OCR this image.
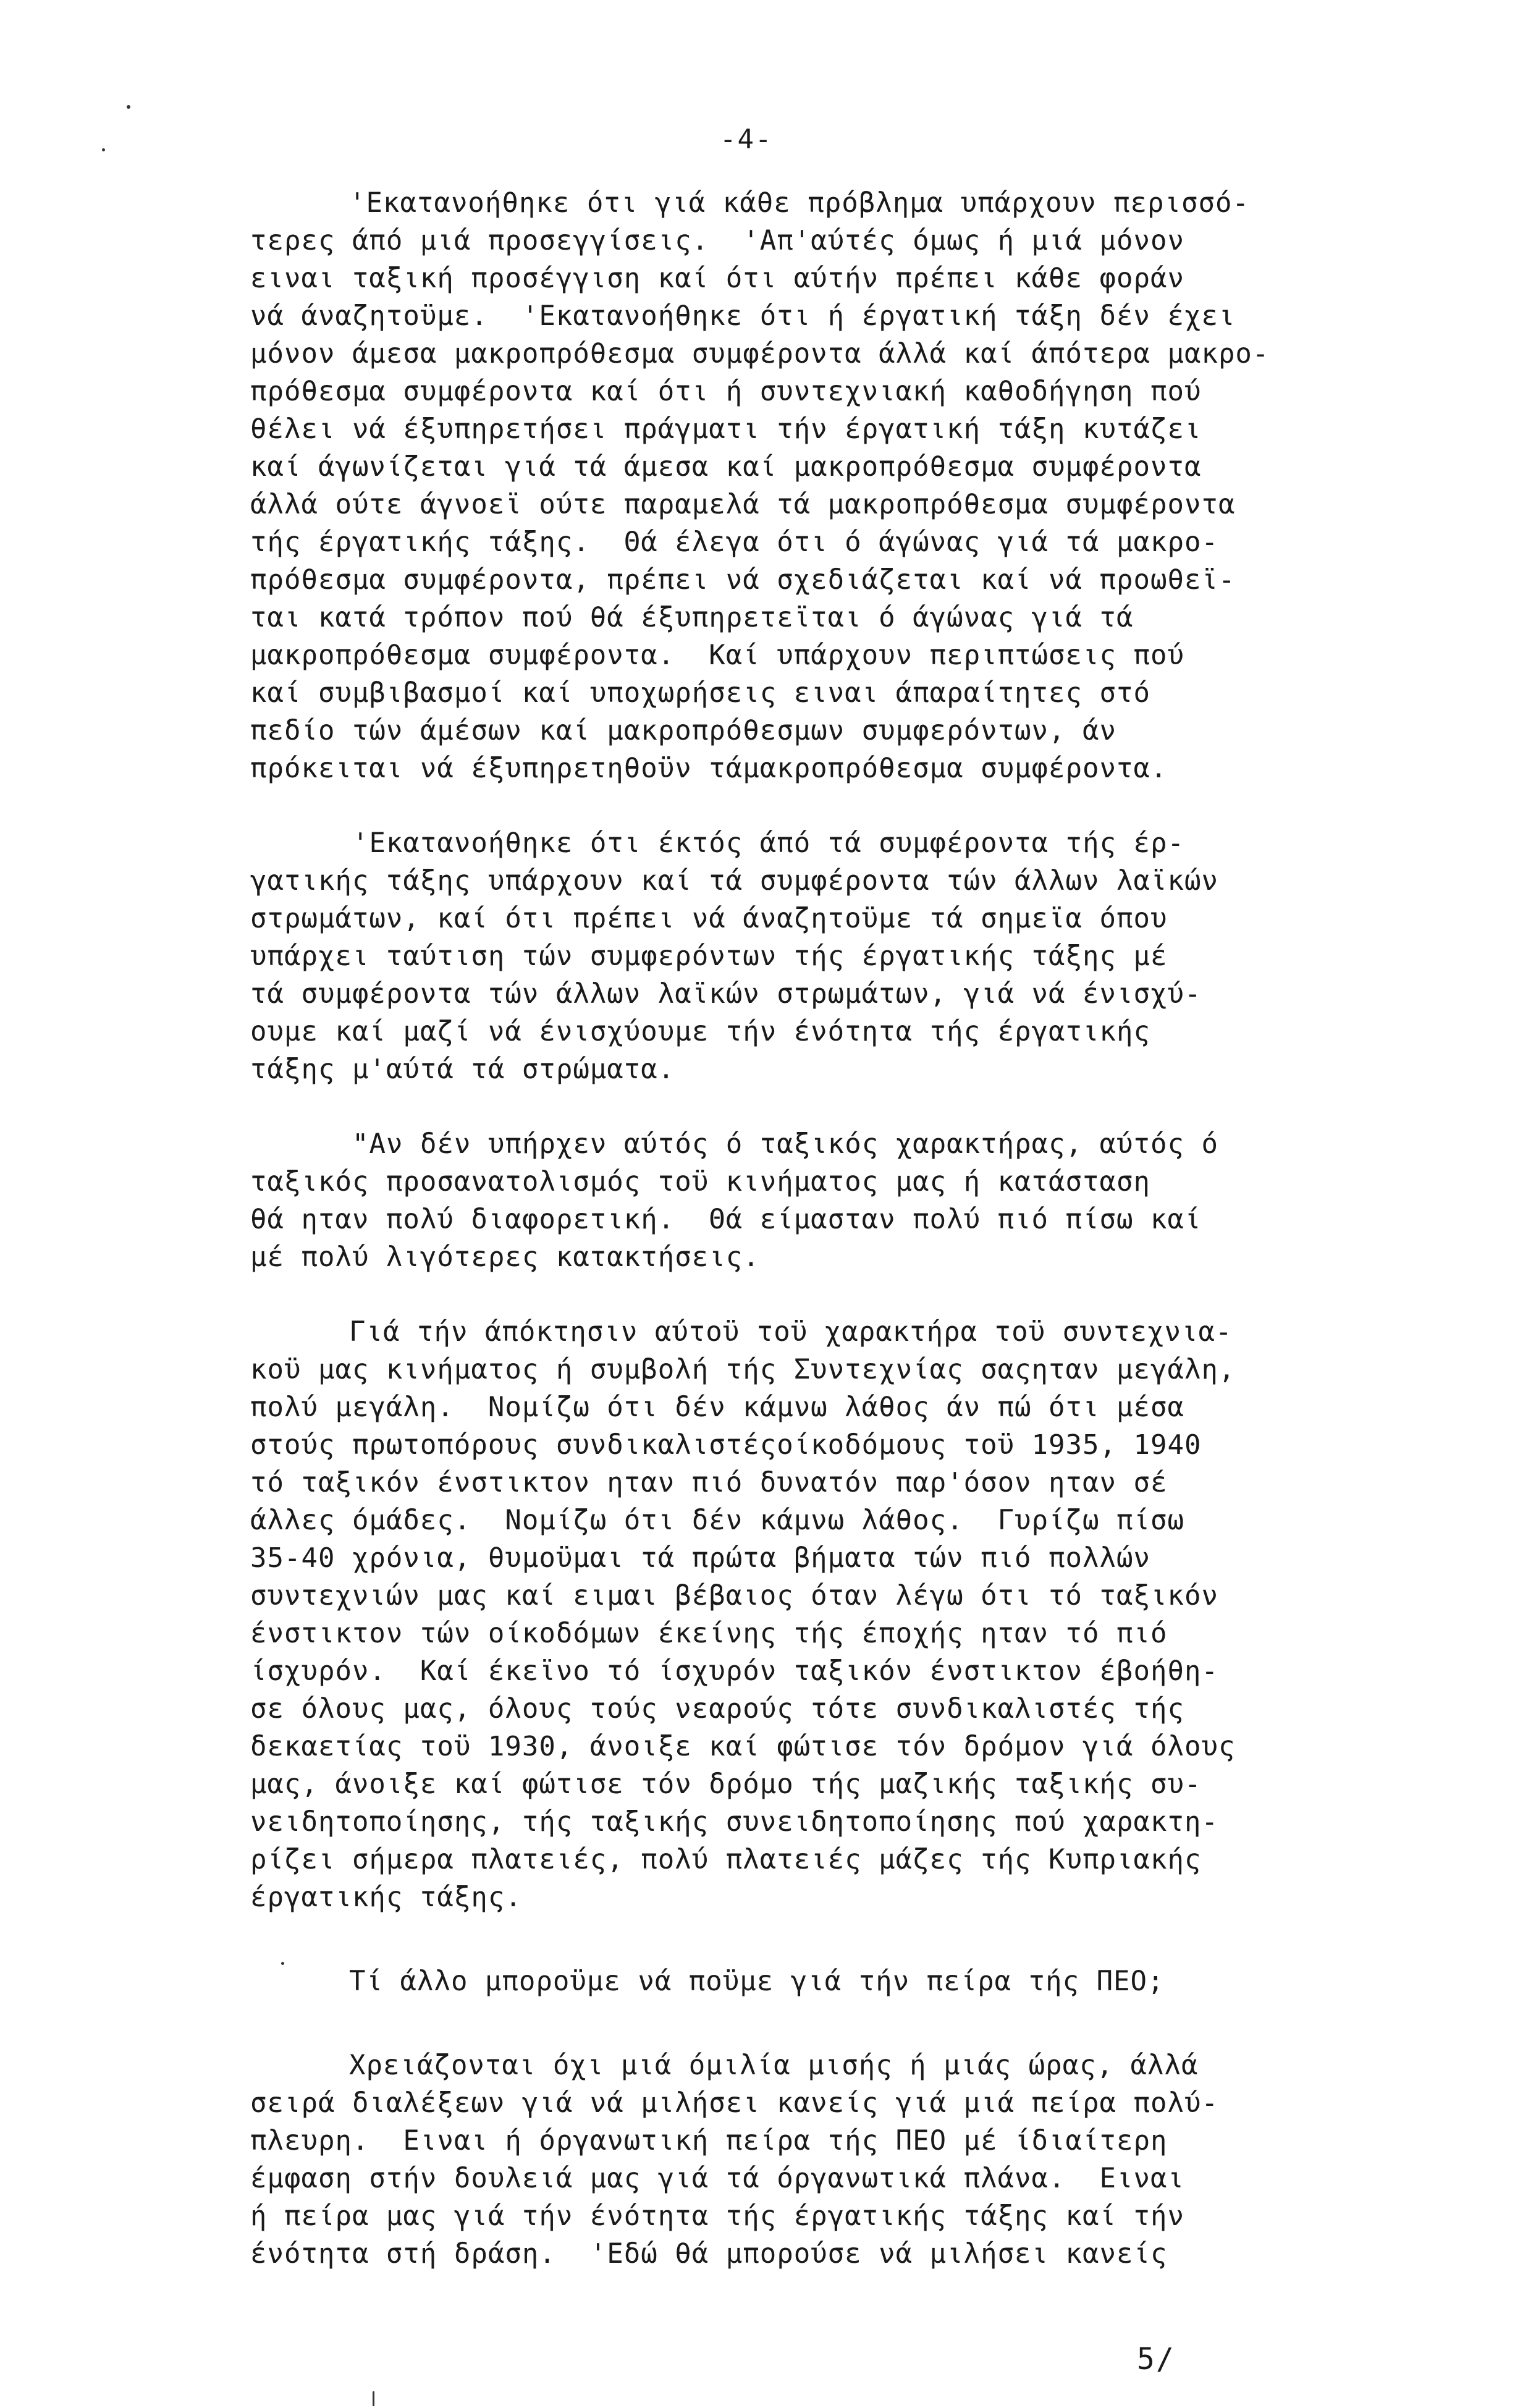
-4-
'Εκατανοήθηκε ότι γιά κάθε πρόβλημα υπάρχουν περισσό-
τερες άπό μιά προσεγγίσεις.  'Απ'αύτές όμως ή μιά μόνον
ειναι ταξική προσέγγιση καί ότι αύτήν πρέπει κάθε φοράν
νά άναζητοϋμε.  'Εκατανοήθηκε ότι ή έργατική τάξη δέν έχει
μόνον άμεσα μακροπρόθεσμα συμφέροντα άλλά καί άπότερα μακρο-
πρόθεσμα συμφέροντα καί ότι ή συντεχνιακή καθοδήγηση πού
θέλει νά έξυπηρετήσει πράγματι τήν έργατική τάξη κυτάζει
καί άγωνίζεται γιά τά άμεσα καί μακροπρόθεσμα συμφέροντα
άλλά ούτε άγνοεϊ ούτε παραμελά τά μακροπρόθεσμα συμφέροντα
τής έργατικής τάξης.  Θά έλεγα ότι ό άγώνας γιά τά μακρο-
πρόθεσμα συμφέροντα, πρέπει νά σχεδιάζεται καί νά προωθεϊ-
ται κατά τρόπον πού θά έξυπηρετεϊται ό άγώνας γιά τά
μακροπρόθεσμα συμφέροντα.  Καί υπάρχουν περιπτώσεις πού
καί συμβιβασμοί καί υποχωρήσεις ειναι άπαραίτητες στό
πεδίο τών άμέσων καί μακροπρόθεσμων συμφερόντων, άν
πρόκειται νά έξυπηρετηθοϋν τάμακροπρόθεσμα συμφέροντα.
'Εκατανοήθηκε ότι έκτός άπό τά συμφέροντα τής έρ-
γατικής τάξης υπάρχουν καί τά συμφέροντα τών άλλων λαϊκών
στρωμάτων, καί ότι πρέπει νά άναζητοϋμε τά σημεϊα όπου
υπάρχει ταύτιση τών συμφερόντων τής έργατικής τάξης μέ
τά συμφέροντα τών άλλων λαϊκών στρωμάτων, γιά νά ένισχύ-
ουμε καί μαζί νά ένισχύουμε τήν ένότητα τής έργατικής
τάξης μ'αύτά τά στρώματα.
"Αν δέν υπήρχεν αύτός ό ταξικός χαρακτήρας, αύτός ό
ταξικός προσανατολισμός τοϋ κινήματος μας ή κατάσταση
θά ηταν πολύ διαφορετική.  Θά είμασταν πολύ πιό πίσω καί
μέ πολύ λιγότερες κατακτήσεις.
Γιά τήν άπόκτησιν αύτοϋ τοϋ χαρακτήρα τοϋ συντεχνια-
κοϋ μας κινήματος ή συμβολή τής Συντεχνίας σαςηταν μεγάλη,
πολύ μεγάλη.  Νομίζω ότι δέν κάμνω λάθος άν πώ ότι μέσα
στούς πρωτοπόρους συνδικαλιστέςοίκοδόμους τοϋ 1935, 1940
τό ταξικόν ένστικτον ηταν πιό δυνατόν παρ'όσον ηταν σέ
άλλες όμάδες.  Νομίζω ότι δέν κάμνω λάθος.  Γυρίζω πίσω
35-40 χρόνια, θυμοϋμαι τά πρώτα βήματα τών πιό πολλών
συντεχνιών μας καί ειμαι βέβαιος όταν λέγω ότι τό ταξικόν
ένστικτον τών οίκοδόμων έκείνης τής έποχής ηταν τό πιό
ίσχυρόν.  Καί έκεϊνο τό ίσχυρόν ταξικόν ένστικτον έβοήθη-
σε όλους μας, όλους τούς νεαρούς τότε συνδικαλιστές τής
δεκαετίας τοϋ 1930, άνοιξε καί φώτισε τόν δρόμον γιά όλους
μας, άνοιξε καί φώτισε τόν δρόμο τής μαζικής ταξικής συ-
νειδητοποίησης, τής ταξικής συνειδητοποίησης πού χαρακτη-
ρίζει σήμερα πλατειές, πολύ πλατειές μάζες τής Κυπριακής
έργατικής τάξης.
Τί άλλο μποροϋμε νά ποϋμε γιά τήν πείρα τής ΠΕΟ;
Χρειάζονται όχι μιά όμιλία μισής ή μιάς ώρας, άλλά
σειρά διαλέξεων γιά νά μιλήσει κανείς γιά μιά πείρα πολύ-
πλευρη.  Ειναι ή όργανωτική πείρα τής ΠΕΟ μέ ίδιαίτερη
έμφαση στήν δουλειά μας γιά τά όργανωτικά πλάνα.  Ειναι
ή πείρα μας γιά τήν ένότητα τής έργατικής τάξης καί τήν
ένότητα στή δράση.  'Εδώ θά μπορούσε νά μιλήσει κανείς
5/
